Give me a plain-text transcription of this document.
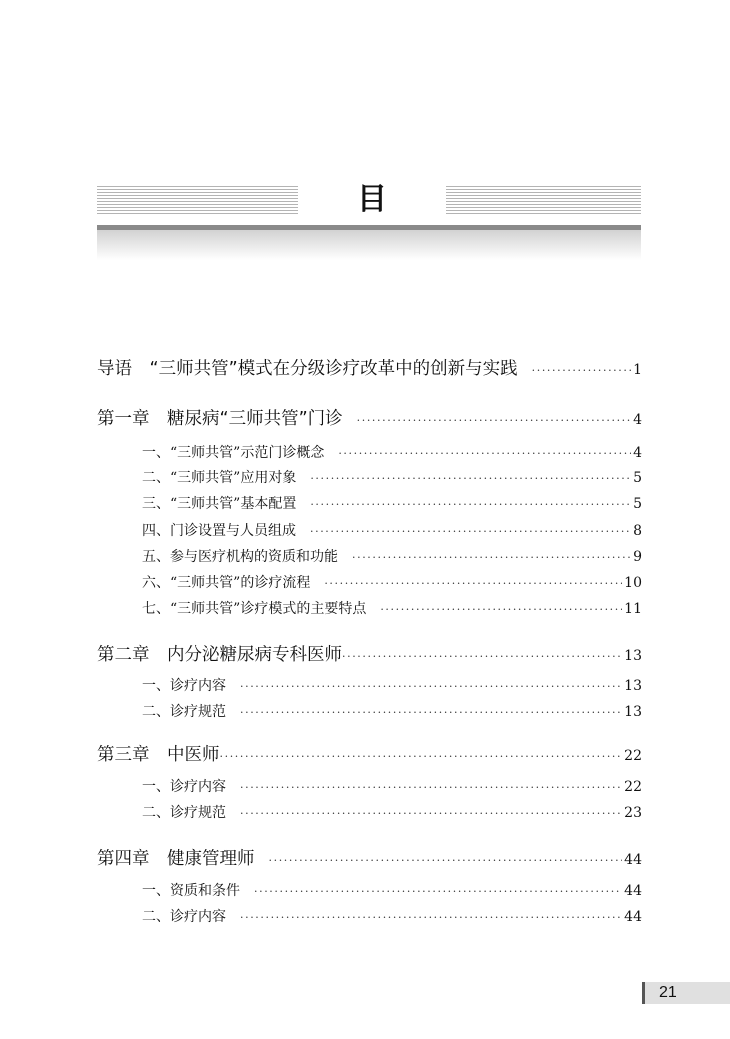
目
导语　“三师共管”模式在分级诊疗改革中的创新与实践 ·····	1
第一章　糖尿病“三师共管”门诊 ·····	4
一、“三师共管”示范门诊概念 ·····	4
二、“三师共管”应用对象 ·····	5
三、“三师共管”基本配置 ·····	5
四、门诊设置与人员组成 ·····	8
五、参与医疗机构的资质和功能 ·····	9
六、“三师共管”的诊疗流程 ·····	10
七、“三师共管”诊疗模式的主要特点 ·····	11
第二章　内分泌糖尿病专科医师 ·····	13
一、诊疗内容 ·····	13
二、诊疗规范 ·····	13
第三章　中医师 ·····	22
一、诊疗内容 ·····	22
二、诊疗规范 ·····	23
第四章　健康管理师 ·····	44
一、资质和条件 ·····	44
二、诊疗内容 ·····	44
21
